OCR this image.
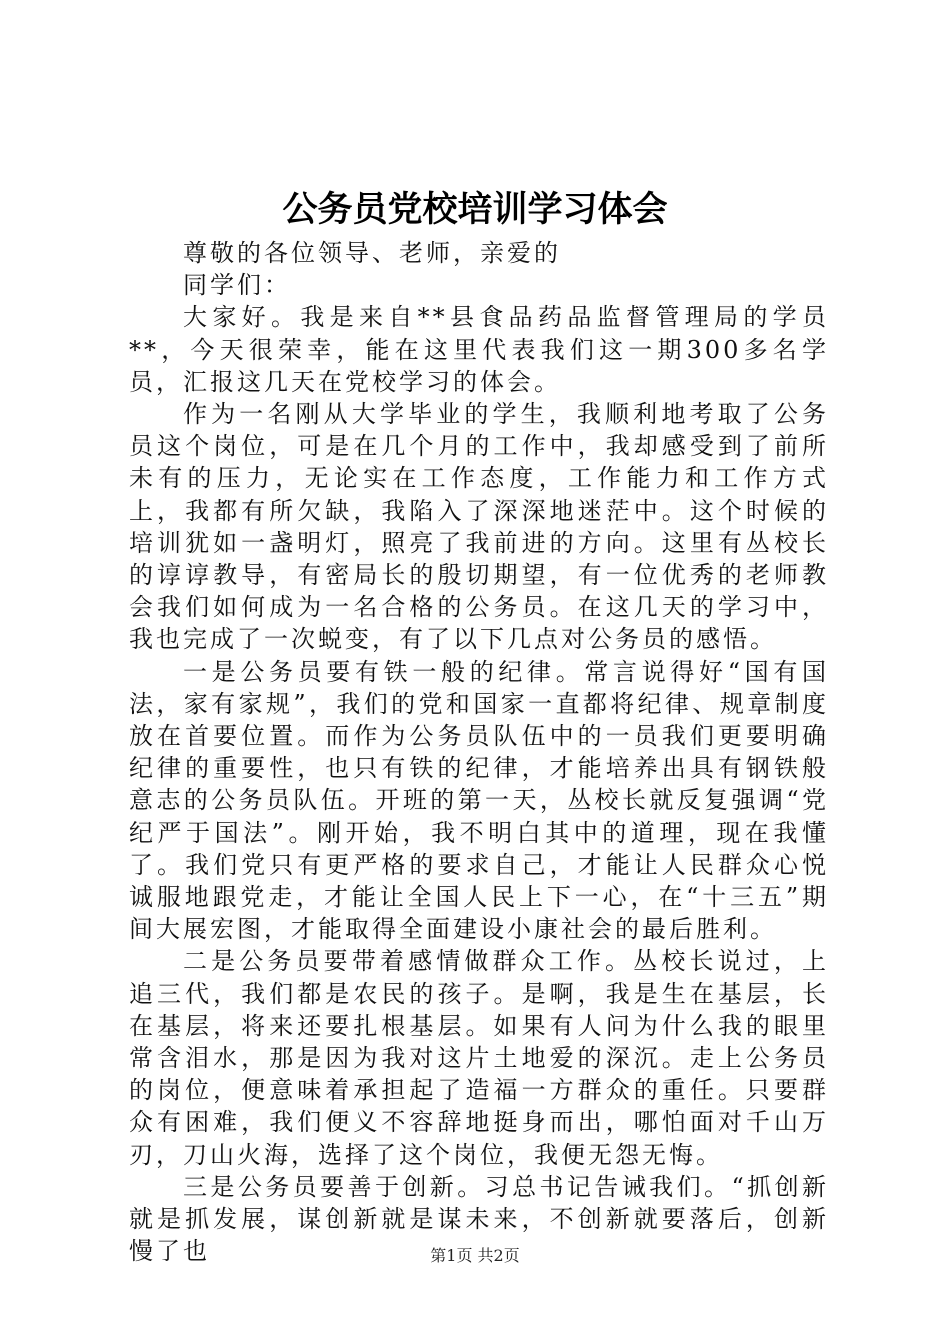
公务员党校培训学习体会

尊敬的各位领导、老师，亲爱的

同学们：

大家好。我是来自**县食品药品监督管理局的学员**，今天很荣幸，能在这里代表我们这一期300多名学员，汇报这几天在党校学习的体会。

作为一名刚从大学毕业的学生，我顺利地考取了公务员这个岗位，可是在几个月的工作中，我却感受到了前所未有的压力，无论实在工作态度，工作能力和工作方式上，我都有所欠缺，我陷入了深深地迷茫中。这个时候的培训犹如一盏明灯，照亮了我前进的方向。这里有丛校长的谆谆教导，有密局长的殷切期望，有一位优秀的老师教会我们如何成为一名合格的公务员。在这几天的学习中，我也完成了一次蜕变，有了以下几点对公务员的感悟。

一是公务员要有铁一般的纪律。常言说得好“国有国法，家有家规”，我们的党和国家一直都将纪律、规章制度放在首要位置。而作为公务员队伍中的一员我们更要明确纪律的重要性，也只有铁的纪律，才能培养出具有钢铁般意志的公务员队伍。开班的第一天，丛校长就反复强调“党纪严于国法”。刚开始，我不明白其中的道理，现在我懂了。我们党只有更严格的要求自己，才能让人民群众心悦诚服地跟党走，才能让全国人民上下一心，在“十三五”期间大展宏图，才能取得全面建设小康社会的最后胜利。

二是公务员要带着感情做群众工作。丛校长说过，上追三代，我们都是农民的孩子。是啊，我是生在基层，长在基层，将来还要扎根基层。如果有人问为什么我的眼里常含泪水，那是因为我对这片土地爱的深沉。走上公务员的岗位，便意味着承担起了造福一方群众的重任。只要群众有困难，我们便义不容辞地挺身而出，哪怕面对千山万刃，刀山火海，选择了这个岗位，我便无怨无悔。

三是公务员要善于创新。习总书记告诫我们。“抓创新就是抓发展，谋创新就是谋未来，不创新就要落后，创新慢了也	第1页 共2页
